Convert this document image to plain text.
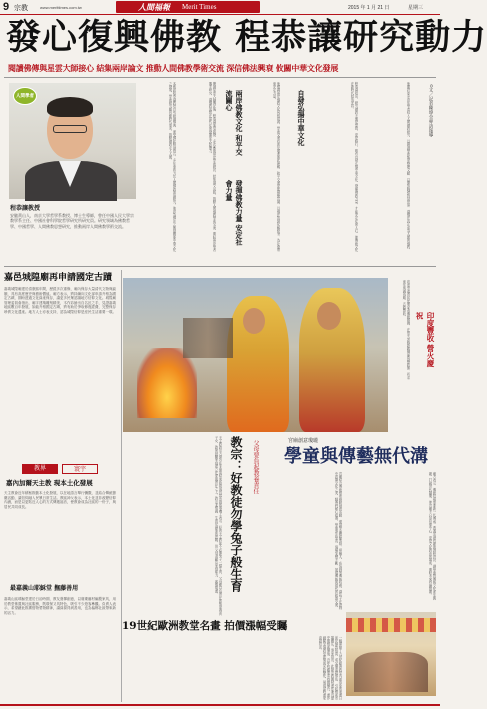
9 宗教	www.merittimes.com.tw	人間福報 Merit Times	2015 年 1 月 21 日	星期三
發心復興佛教 程恭讓研究動力
閱讀佛傳與星雲大師接心 結集兩岸論文 推動人間佛教學術交流 深信佛法興衰 攸關中華文化發展
人間學者
程恭讓教授
安徽黃山人，南京大學哲學系教授、博士生導師，曾任中國人民大學宗教學系主任、中國社會科學院哲學研究所研究員。研究領域為佛教哲學、中國哲學、人間佛教思想研究，推動兩岸人間佛教學術交流。	本報訊程恭讓教授自幼研讀佛典，深受佛陀精神感召，多年來致力於人間佛教理論研究。他認為佛法之興衰關係中華文化之發展，學術研究應回應時代需求，推動佛教走入人間。	閱讀星雲大師傳記後，程恭讓深受啟發，多次參與兩岸學術研討，結集論文出版，推動人間佛教學術交流，期盼兩岸學者攜手研究，讓佛教思想在當代社會發揮更大影響力。	兩岸佛教文化 和平交流關心	他強調兩岸佛教文化同根同源，學術交流有助於增進彼此理解，和平交流更能凝聚共識，以佛法智慧化解紛爭，為社會帶來安定力量。	自發弘揚中華文化
發揮佛教力量 安定社會力量	程恭讓指出，研究佛教不僅是學問，更是修行，唯有自發弘揚中華文化，發揮佛教力量，才能安定社會人心，使傳統文化在新時代綻放光彩。	他期許更多青年學者投入人間佛教研究，以嚴謹學術態度整理文獻，以開放胸襟對話世界，讓佛法真正成為人間的佛教。	⊙文／記者陳瑋全專訪報導
嘉邑城隍廟再申請國定古蹟
嘉義城隍廟建於清康熙年間，歷經多次重修，廟內保存大量清代文物與匾額，具有高度歷史與藝術價值。廟方表示，將持續向文化部申請升格為國定古蹟，期盼透過文化資產保存，讓更多民眾認識地方信仰文化。城隍廟管理委員會指出，廟宇建築雕刻精美，木作彩繪出自名匠之手，見證嘉義地區數百年發展，如能升格國定古蹟，將有助於爭取修復經費，完整保存珍貴文化遺產。地方人士亦表支持，認為城隍信仰是庶民生活重要一環。
教界	寰宇
嘉內加爾天主教 現本土化發展
天主教會近年積極推動本土化發展，以在地語言舉行彌撒，並結合傳統節慶活動，讓信仰融入民眾日常生活。教區神父表示，本土化並非改變信仰內涵，而是以更貼近人心的方式傳遞福音，使教會成為社區的一份子，與居民共同成長。
最嘉義山耶穌堂 撫藤善用
嘉義山區耶穌堂建於日治時期，教友發揮創意，以廢棄藤材編製家具，用於教堂佈置與社區服務，既環保又具特色，吸引不少遊客參觀。負責人表示，希望藉此推廣惜物愛物精神，讓資源得到善用，也為偏鄉社區帶來新的活力。
印度豐收 營火慶祝
印度旁遮普邦民眾穿著傳統服飾，在營火旁載歌載舞慶祝豐收節，祈求來年風調雨順、五穀豐收。
天主教教宗方濟各在菲律賓結束訪問返回梵蒂岡的專機上表示，好的天主教徒不必像兔子一樣生育，父母應以負責任的態度養育子女，教會鼓勵家庭建立在愛與責任之上。教宗並強調，生育是神聖的恩賜，但父母須顧及家庭能力，審慎規畫。 教宗：好教徒勿學兔子般生育	父母要負起教養責任	宮廟創意瓊瓏
學童與傳藝無代溝
宮廟結合傳統藝術推動創意活動，邀請學童體驗剪紙、捏麵人、布袋戲等傳統技藝，讓孩子在遊戲中認識文化之美。師傅們耐心指導，學童專注學習，現場笑聲不斷，展現傳統與現代的和諧交流。	廟方表示，傳統技藝需要新一代傳承，透過活潑有趣的課程設計，讓學童對傳統文化產生興趣，打破世代隔閡，使宮廟不只是信仰中心，更是文化教育的場所，期盼未來持續推廣。
19世紀歐洲教堂名畫 拍價漲幅受矚
一幅描繪十九世紀歐洲教堂內部景象的油畫日前於倫敦拍賣，成交價遠超預估，引起藝術市場關注。專家指出，此類宗教題材畫作兼具歷史與藝術價值，近年收藏需求持續攀升。畫作細膩呈現教堂建築與光影變化，展現當時畫家高超技法。
